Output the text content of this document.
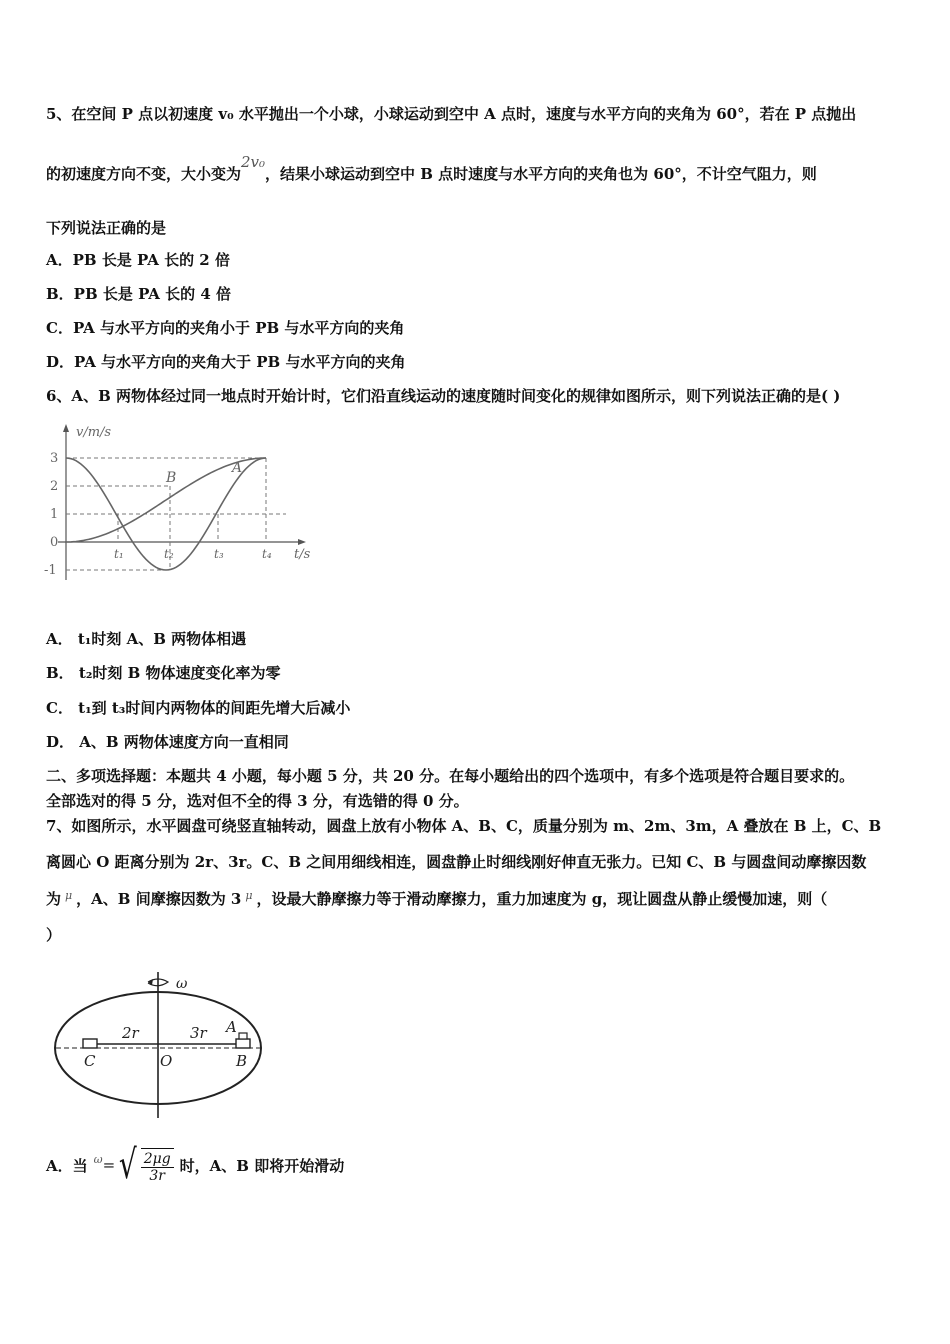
5、在空间 P 点以初速度 v₀ 水平抛出一个小球，小球运动到空中 A 点时，速度与水平方向的夹角为 60°，若在 P 点抛出
的初速度方向不变，大小变为2v₀，结果小球运动到空中 B 点时速度与水平方向的夹角也为 60°，不计空气阻力，则
下列说法正确的是
A．PB 长是 PA 长的 2 倍
B．PB 长是 PA 长的 4 倍
C．PA 与水平方向的夹角小于 PB 与水平方向的夹角
D．PA 与水平方向的夹角大于 PB 与水平方向的夹角
6、A、B 两物体经过同一地点时开始计时，它们沿直线运动的速度随时间变化的规律如图所示，则下列说法正确的是( )
v/m/s
t/s
3
2
1
0
-1
t₁	t₂	t₃	t₄
A
B
A． t₁时刻 A、B 两物体相遇
B． t₂时刻 B 物体速度变化率为零
C． t₁到 t₃时间内两物体的间距先增大后减小
D． A、B 两物体速度方向一直相同
二、多项选择题：本题共 4 小题，每小题 5 分，共 20 分。在每小题给出的四个选项中，有多个选项是符合题目要求的。
全部选对的得 5 分，选对但不全的得 3 分，有选错的得 0 分。
7、如图所示，水平圆盘可绕竖直轴转动，圆盘上放有小物体 A、B、C，质量分别为 m、2m、3m，A 叠放在 B 上，C、B
离圆心 O 距离分别为 2r、3r。C、B 之间用细线相连，圆盘静止时细线刚好伸直无张力。已知 C、B 与圆盘间动摩擦因数
为 $^\mu$ ，A、B 间摩擦因数为 3 $^\mu$ ，设最大静摩擦力等于滑动摩擦力，重力加速度为 g，现让圆盘从静止缓慢加速，则（
）
ω
2r	3r A
B
C	O
A．当 ω = √ $\frac{2\mu g}{3r}$ 时，A、B 即将开始滑动
